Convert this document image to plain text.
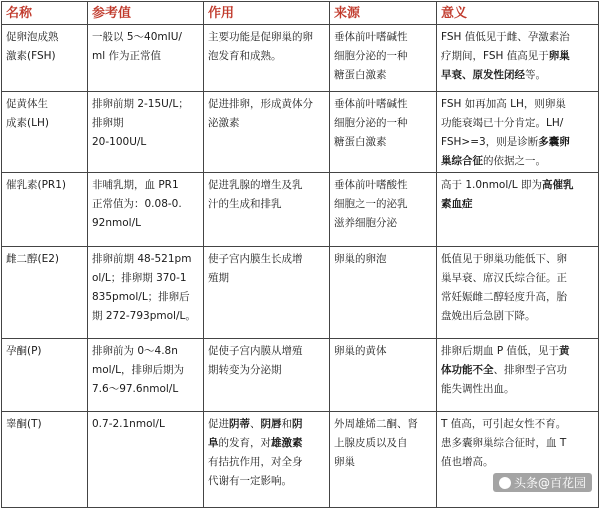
名称	参考值	作用	来源	意义

促卵泡成熟
激素(FSH)	一般以 5～40mIU/
ml 作为正常值	主要功能是促卵巢的卵
泡发育和成熟。	垂体前叶嗜碱性
细胞分泌的一种
糖蛋白激素	FSH 值低见于雌、孕激素治
疗期间，FSH 值高见于卵巢
早衰、原发性闭经等。

促黄体生
成素(LH)	排卵前期 2-15U/L；
排卵期
20-100U/L	促进排卵，形成黄体分
泌激素	垂体前叶嗜碱性
细胞分泌的一种
糖蛋白激素	FSH 如再加高 LH，则卵巢
功能衰竭已十分肯定。LH/
FSH>=3，则是诊断多囊卵
巢综合征的依据之一。

催乳素(PR1)	非哺乳期，血 PR1
正常值为：0.08-0.
92nmol/L	促进乳腺的增生及乳
汁的生成和排乳	垂体前叶嗜酸性
细胞之一的泌乳
滋养细胞分泌	高于 1.0nmol/L 即为高催乳
素血症

雌二醇(E2)	排卵前期 48-521pm
ol/L；排卵期 370-1
835pmol/L；排卵后
期 272-793pmol/L。	使子宫内膜生长成增
殖期	卵巢的卵泡	低值见于卵巢功能低下、卵
巢早衰、席汉氏综合征。正
常妊娠雌二醇轻度升高，胎
盘娩出后急剧下降。

孕酮(P)	排卵前为 0～4.8n
mol/L，排卵后期为
7.6～97.6nmol/L	促使子宫内膜从增殖
期转变为分泌期	卵巢的黄体	排卵后期血 P 值低，见于黄
体功能不全、排卵型子宫功
能失调性出血。

睾酮(T)	0.7-2.1nmol/L	促进阴蒂、阴唇和阴
阜的发育，对雄激素
有拮抗作用，对全身
代谢有一定影响。	外周雄烯二酮、肾
上腺皮质以及自
卵巢	T 值高，可引起女性不育。
患多囊卵巢综合征时，血 T
值也增高。
头条@百花园
